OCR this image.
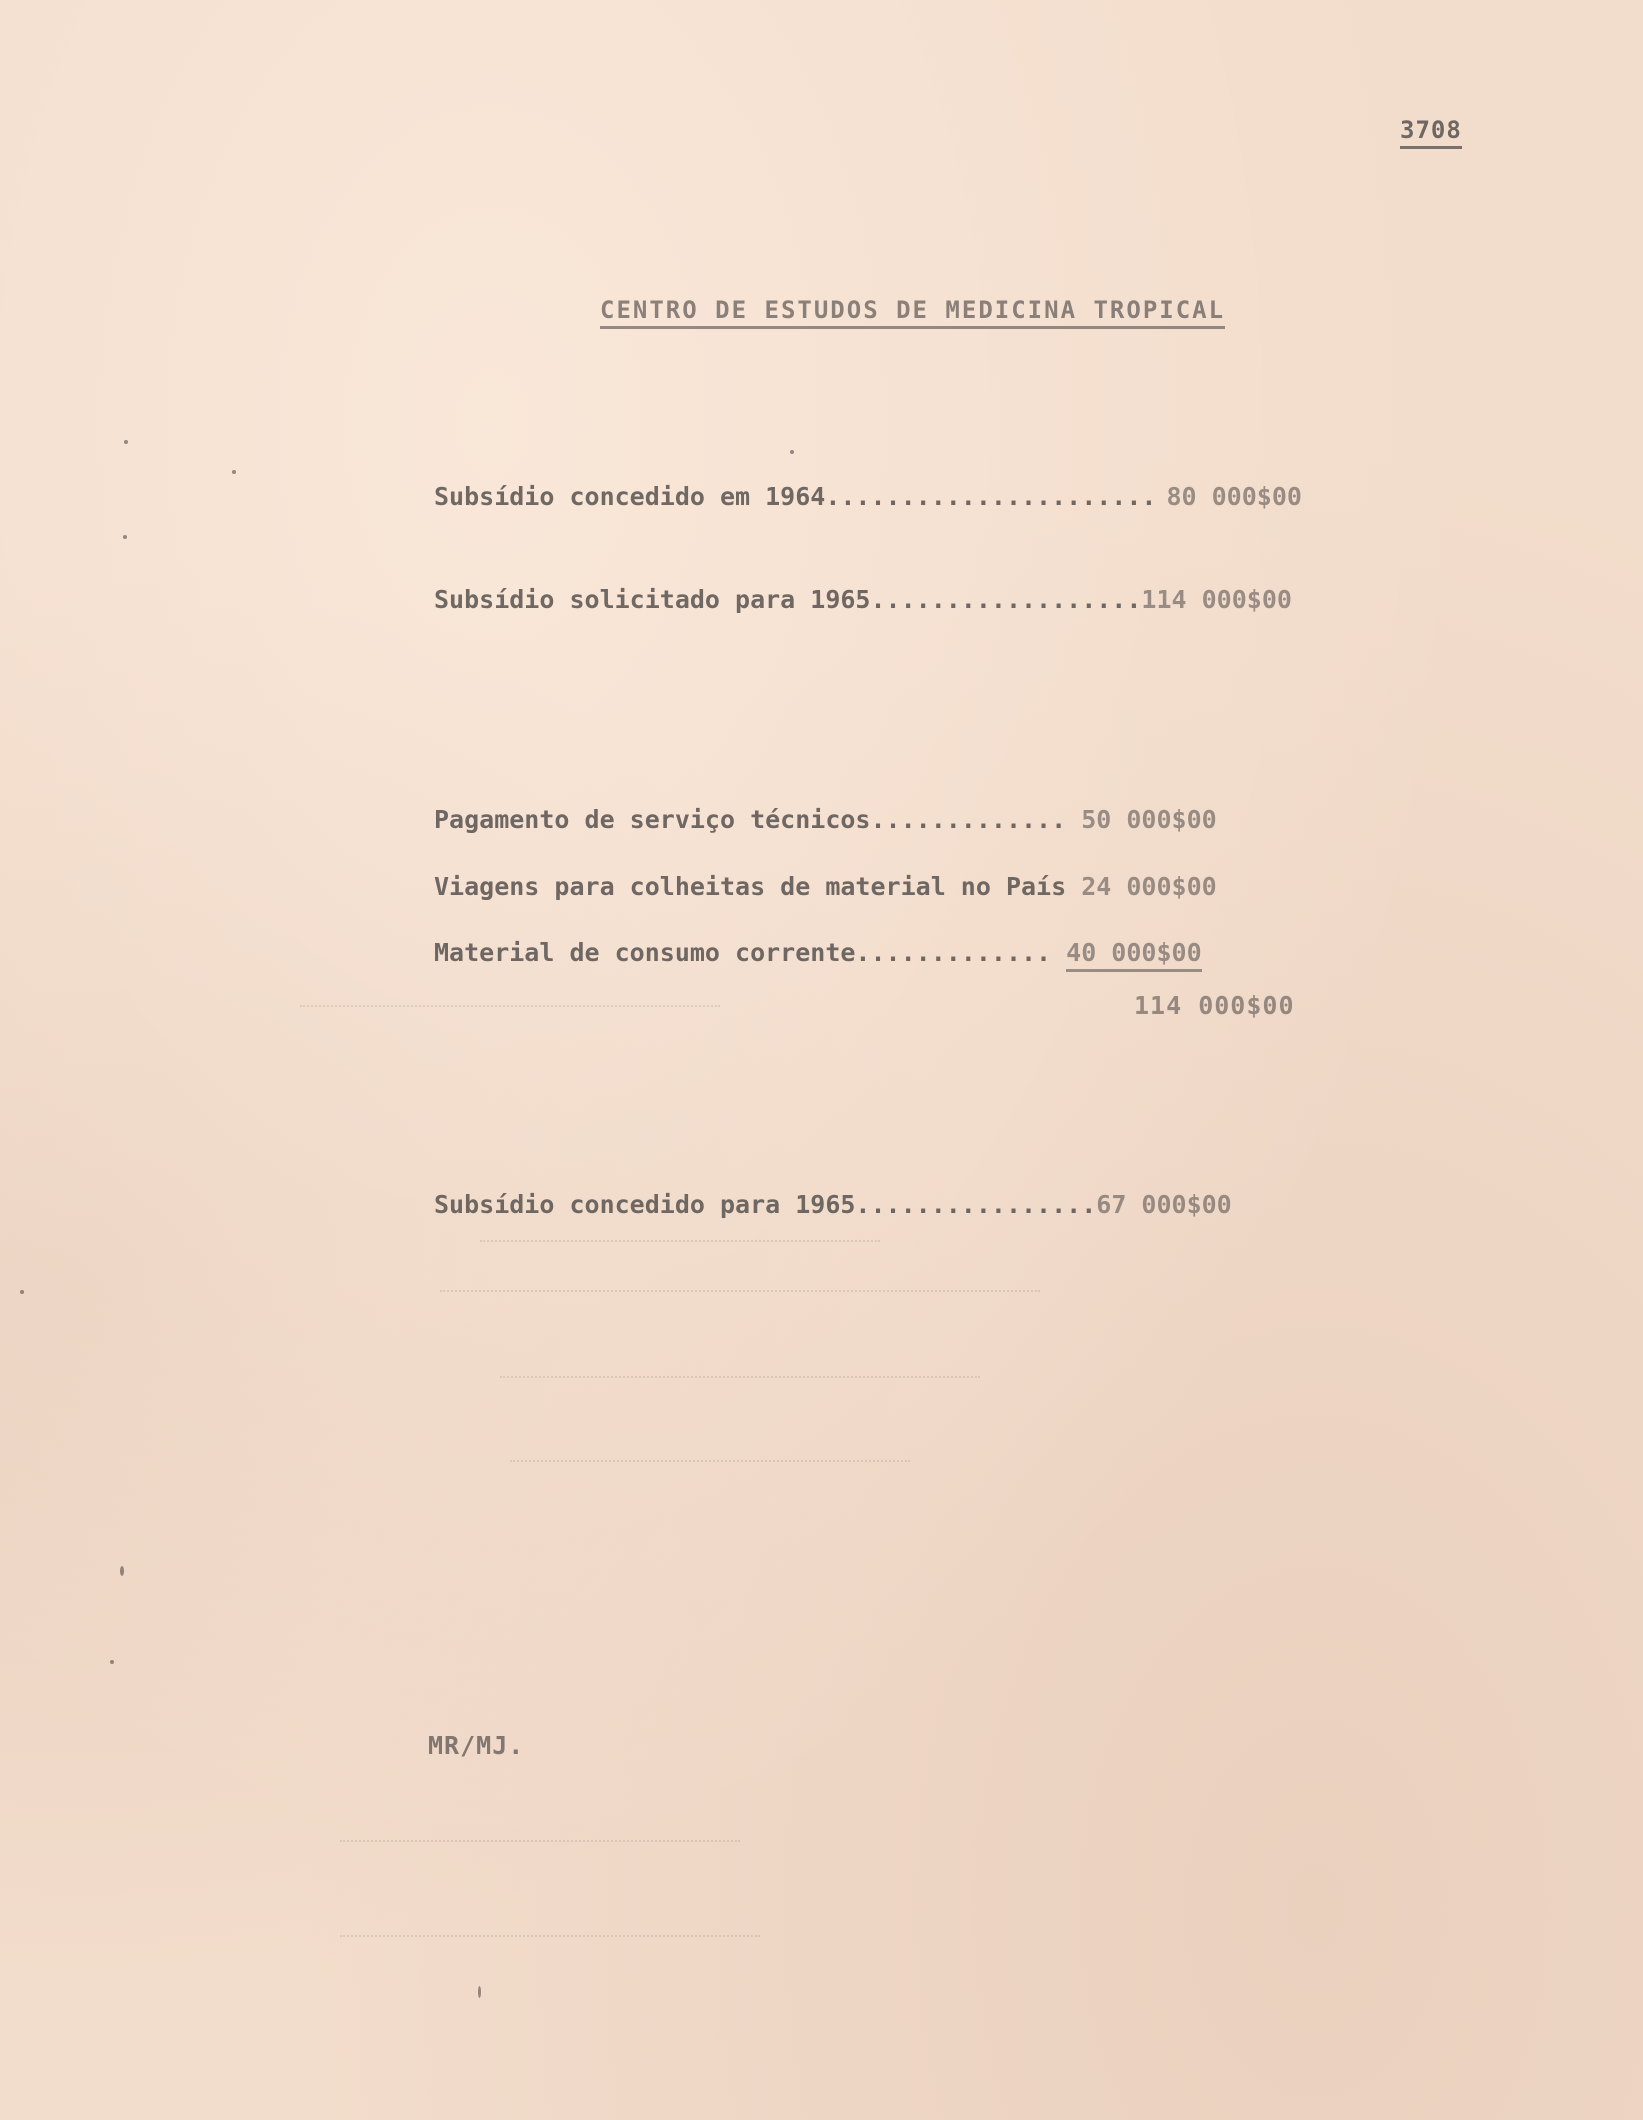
3708
CENTRO DE ESTUDOS DE MEDICINA TROPICAL
Subsídio concedido em 1964...................... 80 000$00
Subsídio solicitado para 1965.................. 114 000$00
Pagamento de serviço técnicos............. 50 000$00
Viagens para colheitas de material no País 24 000$00
Material de consumo corrente............. 40 000$00
114 000$00
Subsídio concedido para 1965................ 67 000$00
MR/MJ.
